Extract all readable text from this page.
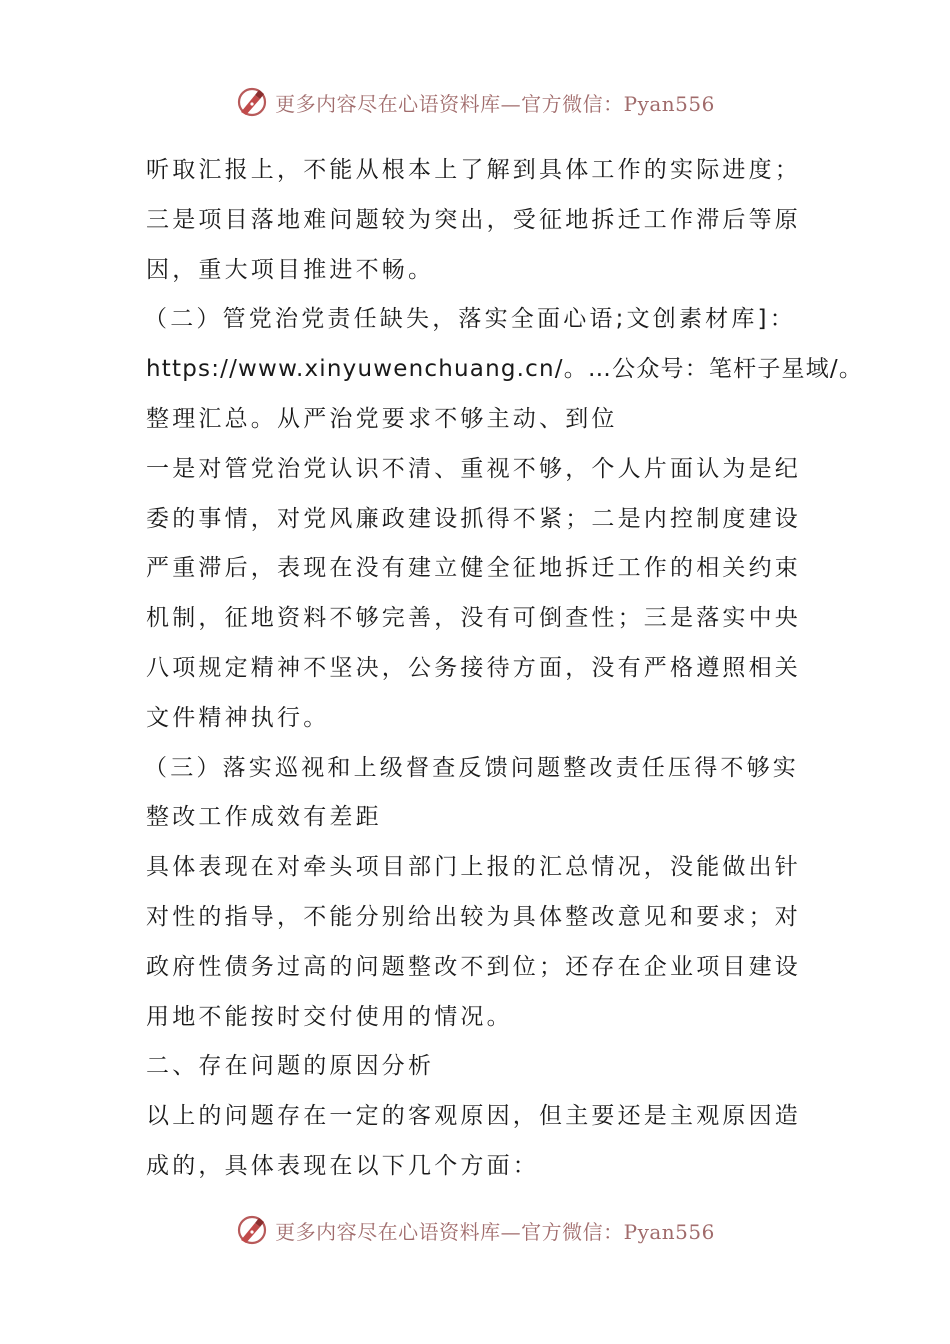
更多内容尽在心语资料库—官方微信：Pyan556
听取汇报上，不能从根本上了解到具体工作的实际进度；
三是项目落地难问题较为突出，受征地拆迁工作滞后等原
因，重大项目推进不畅。
（二）管党治党责任缺失，落实全面心语;文创素材库]：
https://www.xinyuwenchuang.cn/。…公众号：笔杆子星域/。
整理汇总。从严治党要求不够主动、到位
一是对管党治党认识不清、重视不够，个人片面认为是纪
委的事情，对党风廉政建设抓得不紧；二是内控制度建设
严重滞后，表现在没有建立健全征地拆迁工作的相关约束
机制，征地资料不够完善，没有可倒查性；三是落实中央
八项规定精神不坚决，公务接待方面，没有严格遵照相关
文件精神执行。
（三）落实巡视和上级督查反馈问题整改责任压得不够实
整改工作成效有差距
具体表现在对牵头项目部门上报的汇总情况，没能做出针
对性的指导，不能分别给出较为具体整改意见和要求；对
政府性债务过高的问题整改不到位；还存在企业项目建设
用地不能按时交付使用的情况。
二、存在问题的原因分析
以上的问题存在一定的客观原因，但主要还是主观原因造
成的，具体表现在以下几个方面：
更多内容尽在心语资料库—官方微信：Pyan556
